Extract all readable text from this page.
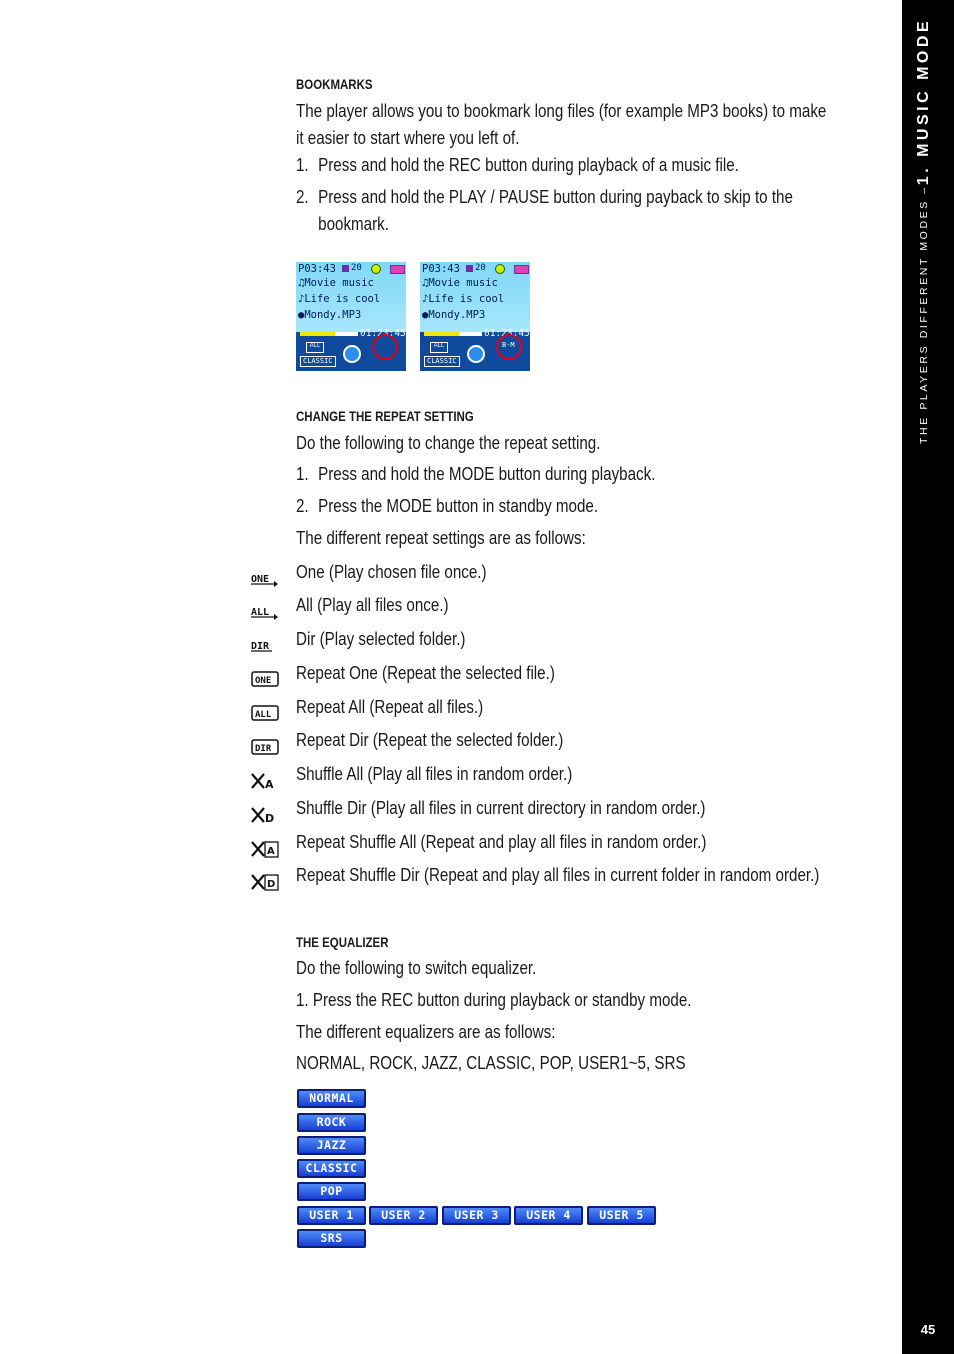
THE PLAYERS DIFFERENT MODES –
1. MUSIC MODE
45
BOOKMARKS
The player allows you to bookmark long files (for example MP3 books) to make
it easier to start where you left of.
1. Press and hold the REC button during playback of a music file.
2. Press and hold the PLAY / PAUSE button during payback to skip to the
bookmark.
P03:43 20
♫Movie music
♪Life is cool
●Mondy.MP3
01:23:45
ALL
CLASSIC
P03:43 20
♫Movie music
♪Life is cool
●Mondy.MP3
01:23:45
ALL
CLASSIC
B-M
CHANGE THE REPEAT SETTING
Do the following to change the repeat setting.
1. Press and hold the MODE button during playback.
2. Press the MODE button in standby mode.
The different repeat settings are as follows:
ONE
ALL
DIR
ONE
ALL
DIR
A
D
A
D
One (Play chosen file once.)
All (Play all files once.)
Dir (Play selected folder.)
Repeat One (Repeat the selected file.)
Repeat All (Repeat all files.)
Repeat Dir (Repeat the selected folder.)
Shuffle All (Play all files in random order.)
Shuffle Dir (Play all files in current directory in random order.)
Repeat Shuffle All (Repeat and play all files in random order.)
Repeat Shuffle Dir (Repeat and play all files in current folder in random order.)
THE EQUALIZER
Do the following to switch equalizer.
1. Press the REC button during playback or standby mode.
The different equalizers are as follows:
NORMAL, ROCK, JAZZ, CLASSIC, POP, USER1~5, SRS
NORMAL
ROCK
JAZZ
CLASSIC
POP
USER 1	USER 2	USER 3	USER 4	USER 5
SRS
